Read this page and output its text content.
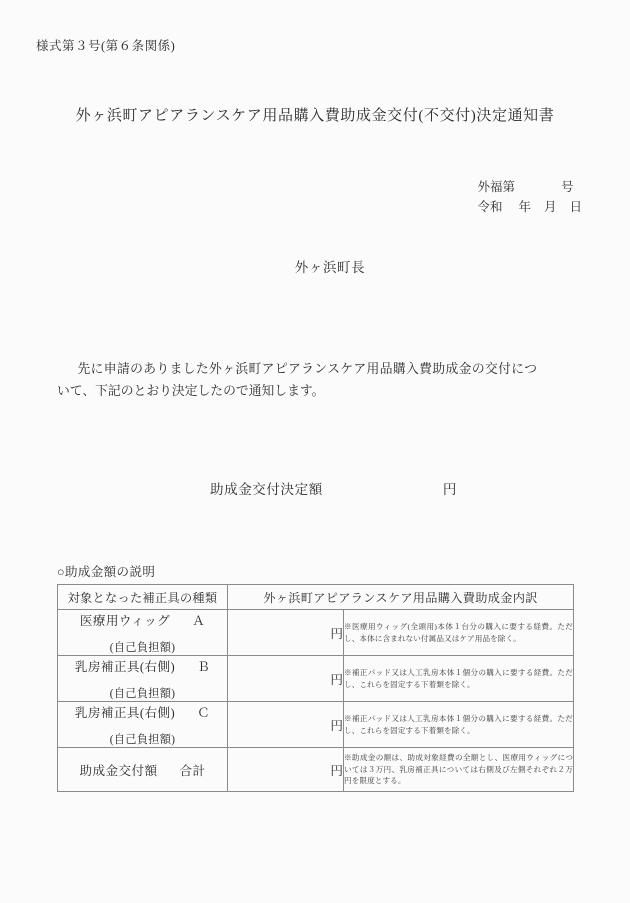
様式第３号(第６条関係)
外ヶ浜町アピアランスケア用品購入費助成金交付(不交付)決定通知書
外福第	号
令和 年 月 日
外ヶ浜町長
先に申請のありました外ヶ浜町アピアランスケア用品購入費助成金の交付について、下記のとおり決定したので通知します。
助成金交付決定額	円
○助成金額の説明
対象となった補正具の種類	外ヶ浜町アピアランスケア用品購入費助成金内訳	

医療用ウィッグ Ａ
(自己負担額)	円	※医療用ウィッグ(全頭用)本体１台分の購入に要する経費。ただし、本体に含まれない付属品又はケア用品を除く。

乳房補正具(右側) Ｂ
(自己負担額)	円	※補正パッド又は人工乳房本体１個分の購入に要する経費。ただし、これらを固定する下着類を除く。

乳房補正具(右側) Ｃ
(自己負担額)	円	※補正パッド又は人工乳房本体１個分の購入に要する経費。ただし、これらを固定する下着類を除く。

助成金交付額 合計	円	※助成金の額は、助成対象経費の全額とし、医療用ウィッグについては３万円、乳房補正具については右側及び左側それぞれ２万円を限度とする。
